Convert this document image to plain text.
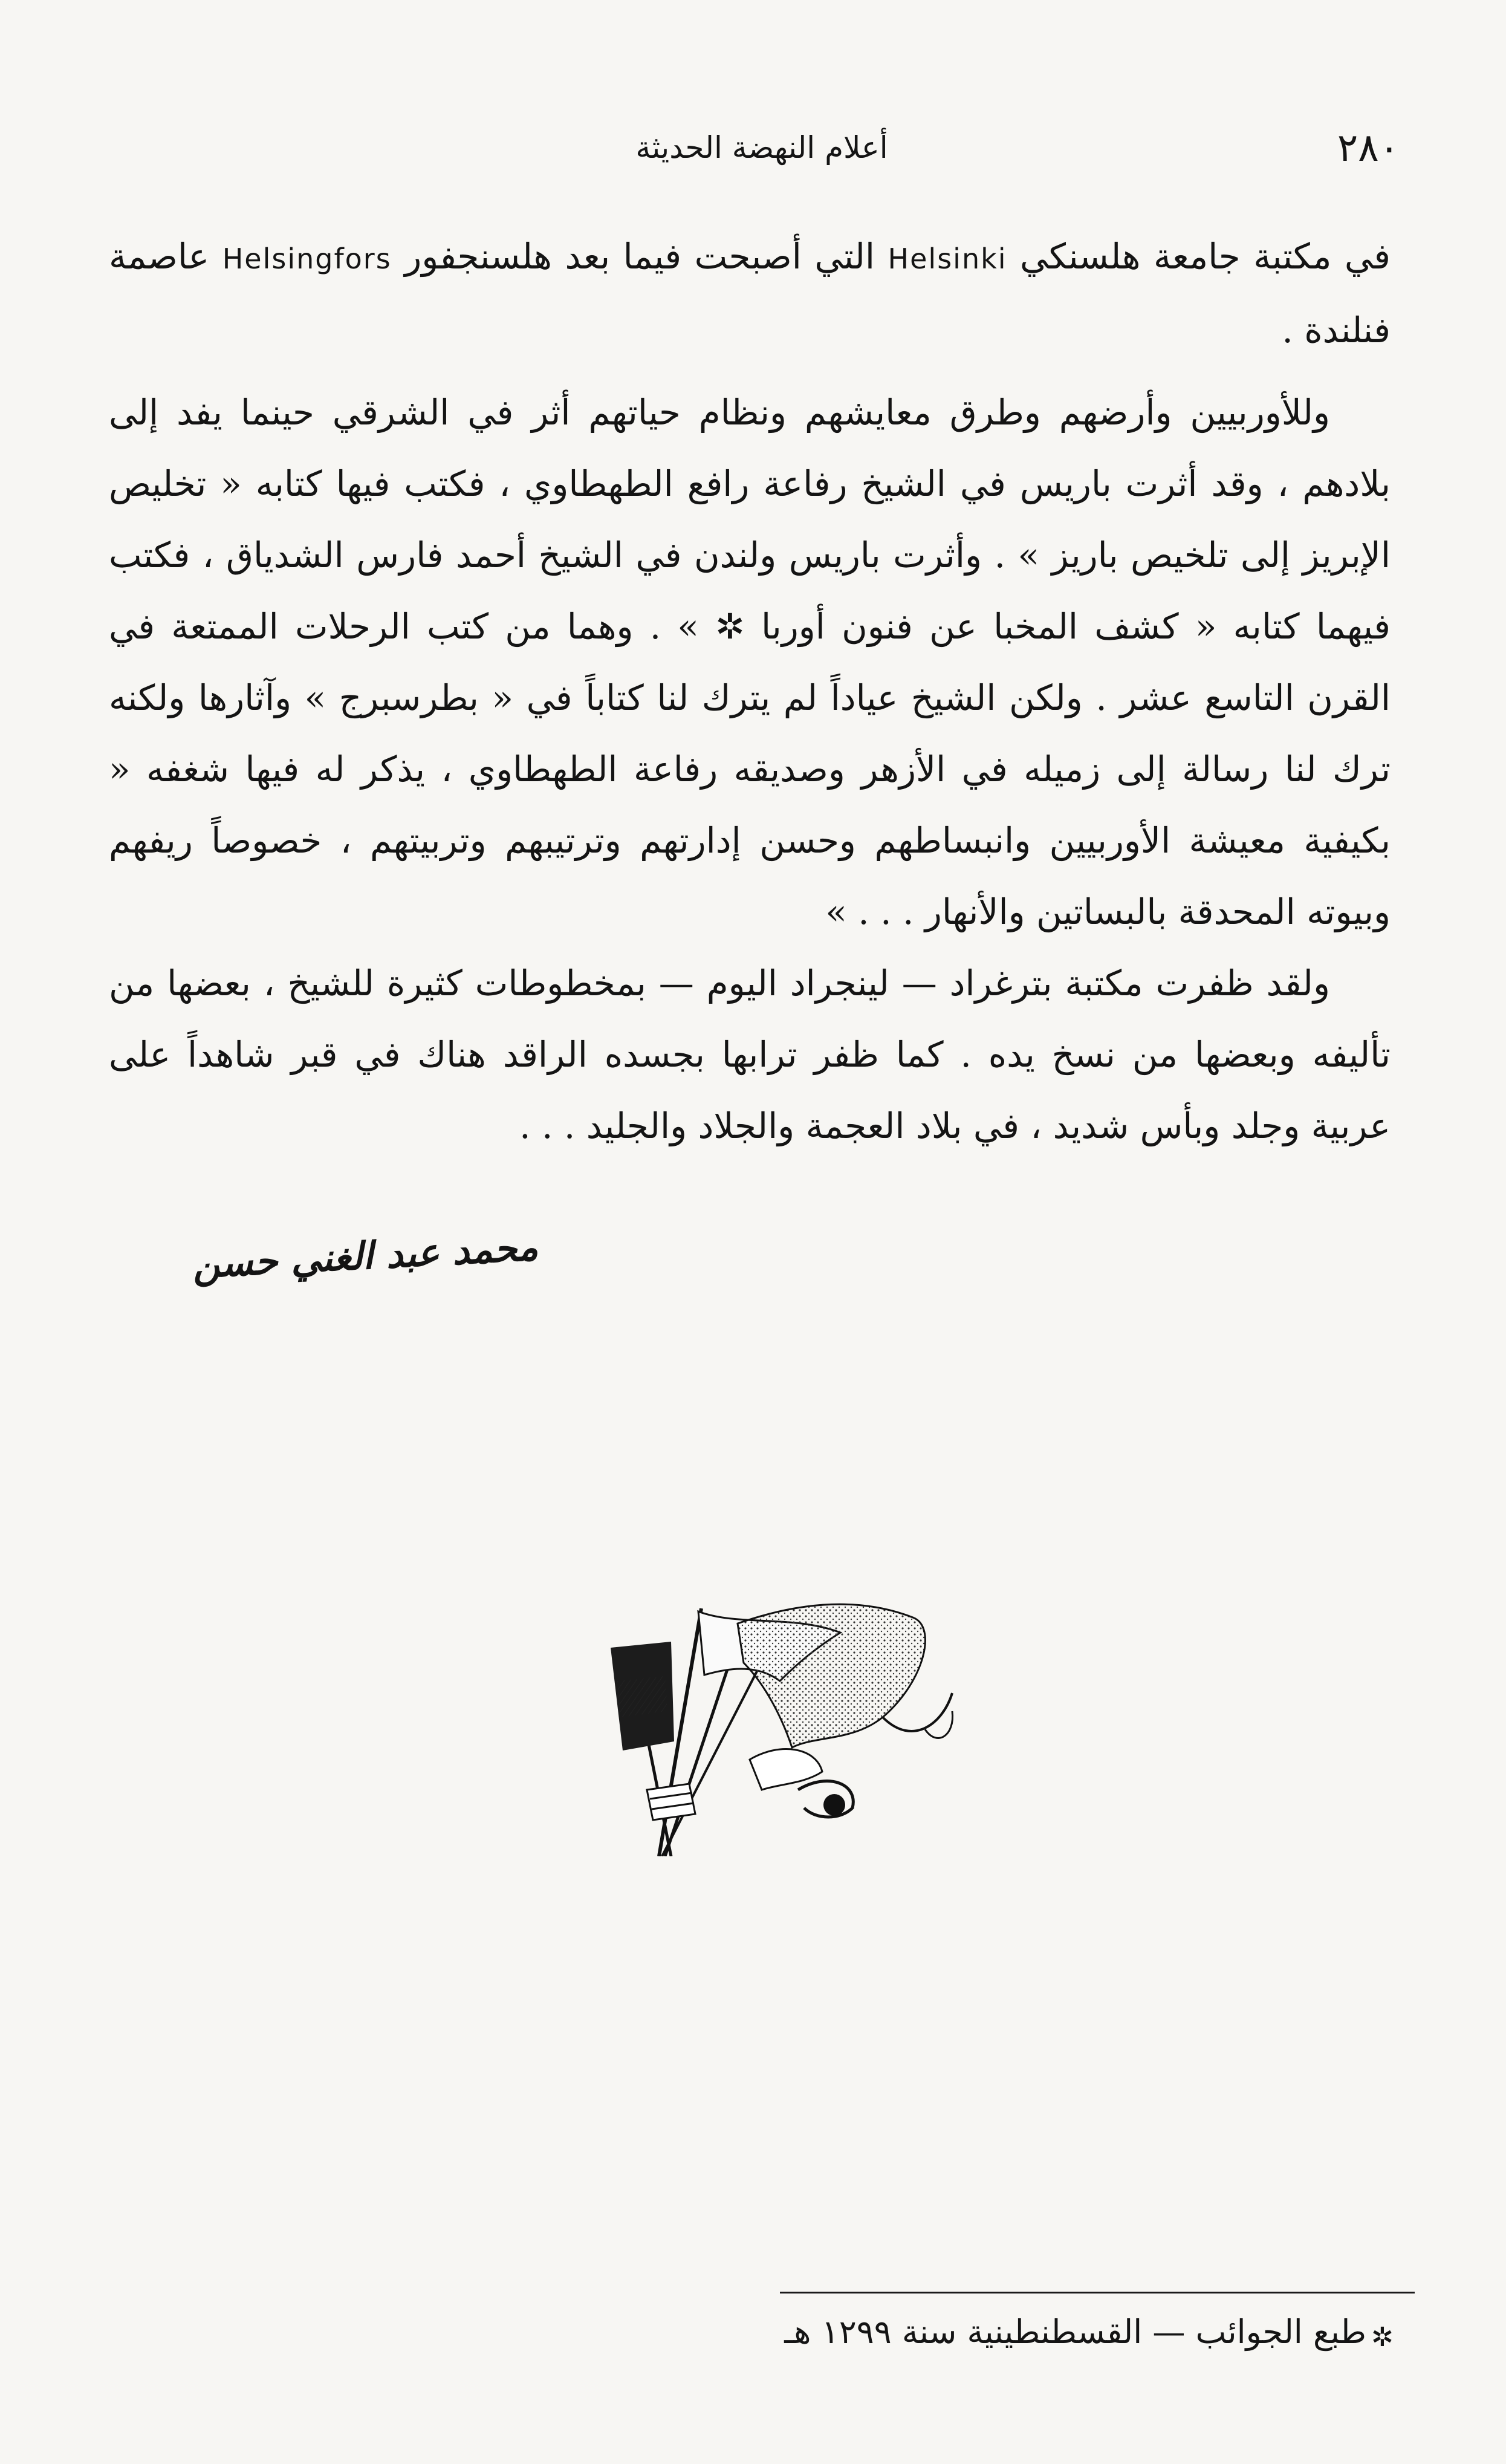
أعلام النهضة الحديثة	٢٨٠

في مكتبة جامعة هلسنكي Helsinki التي أصبحت فيما بعد هلسنجفور Helsingfors عاصمة فنلندة .

وللأوربيين وأرضهم وطرق معايشهم ونظام حياتهم أثر في الشرقي حينما يفد إلى بلادهم ، وقد أثرت باريس في الشيخ رفاعة رافع الطهطاوي ، فكتب فيها كتابه « تخليص الإبريز إلى تلخيص باريز » . وأثرت باريس ولندن في الشيخ أحمد فارس الشدياق ، فكتب فيهما كتابه « كشف المخبا عن فنون أوربا ✲ » . وهما من كتب الرحلات الممتعة في القرن التاسع عشر . ولكن الشيخ عياداً لم يترك لنا كتاباً في « بطرسبرج » وآثارها ولكنه ترك لنا رسالة إلى زميله في الأزهر وصديقه رفاعة الطهطاوي ، يذكر له فيها شغفه « بكيفية معيشة الأوربيين وانبساطهم وحسن إدارتهم وترتيبهم وتربيتهم ، خصوصاً ريفهم وبيوته المحدقة بالبساتين والأنهار . . . »

ولقد ظفرت مكتبة بترغراد — لينجراد اليوم — بمخطوطات كثيرة للشيخ ، بعضها من تأليفه وبعضها من نسخ يده . كما ظفر ترابها بجسده الراقد هناك في قبر شاهداً على عربية وجلد وبأس شديد ، في بلاد العجمة والجلاد والجليد . . .

محمد عبد الغني حسن
✲
طبع الجوائب — القسطنطينية سنة ١٢٩٩ هـ
